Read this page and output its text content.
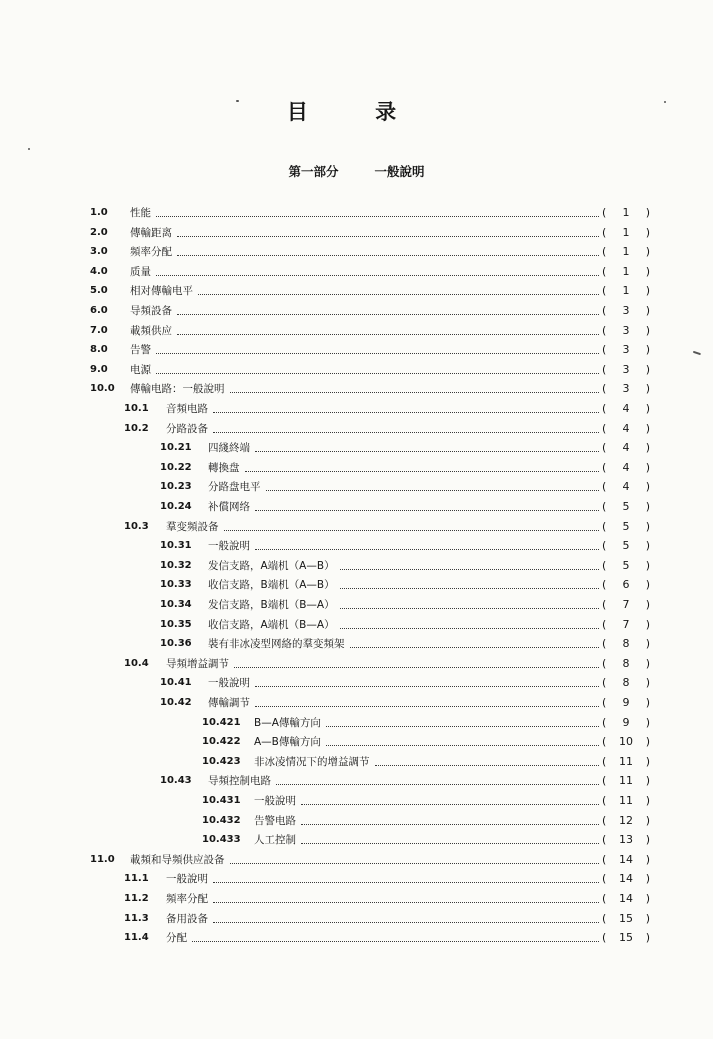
目 录
第一部分	一般說明
1.0	性能	(	1	)
2.0	傳輸距离	(	1	)
3.0	頻率分配	(	1	)
4.0	质量	(	1	)
5.0	相对傳輸电平	(	1	)
6.0	导頻設备	(	3	)
7.0	載頻供应	(	3	)
8.0	告警	(	3	)
9.0	电源	(	3	)
10.0	傳輸电路：一般說明	(	3	)
10.1	音頻电路	(	4	)
10.2	分路設备	(	4	)
10.21	四綫終端	(	4	)
10.22	轉換盘	(	4	)
10.23	分路盘电平	(	4	)
10.24	补償网络	(	5	)
10.3	羣变頻設备	(	5	)
10.31	一般說明	(	5	)
10.32	发信支路，A端机（A—B）	(	5	)
10.33	收信支路，B端机（A—B）	(	6	)
10.34	发信支路，B端机（B—A）	(	7	)
10.35	收信支路，A端机（B—A）	(	7	)
10.36	裝有非冰凌型网絡的羣变頻架	(	8	)
10.4	导頻增益調节	(	8	)
10.41	一般說明	(	8	)
10.42	傳輸調节	(	9	)
10.421	B—A傳輸方向	(	9	)
10.422	A—B傳輸方向	(	10	)
10.423	非冰凌情况下的增益調节	(	11	)
10.43	导頻控制电路	(	11	)
10.431	一般說明	(	11	)
10.432	告警电路	(	12	)
10.433	人工控制	(	13	)
11.0	載頻和导頻供应設备	(	14	)
11.1	一般說明	(	14	)
11.2	頻率分配	(	14	)
11.3	备用設备	(	15	)
11.4	分配	(	15	)
